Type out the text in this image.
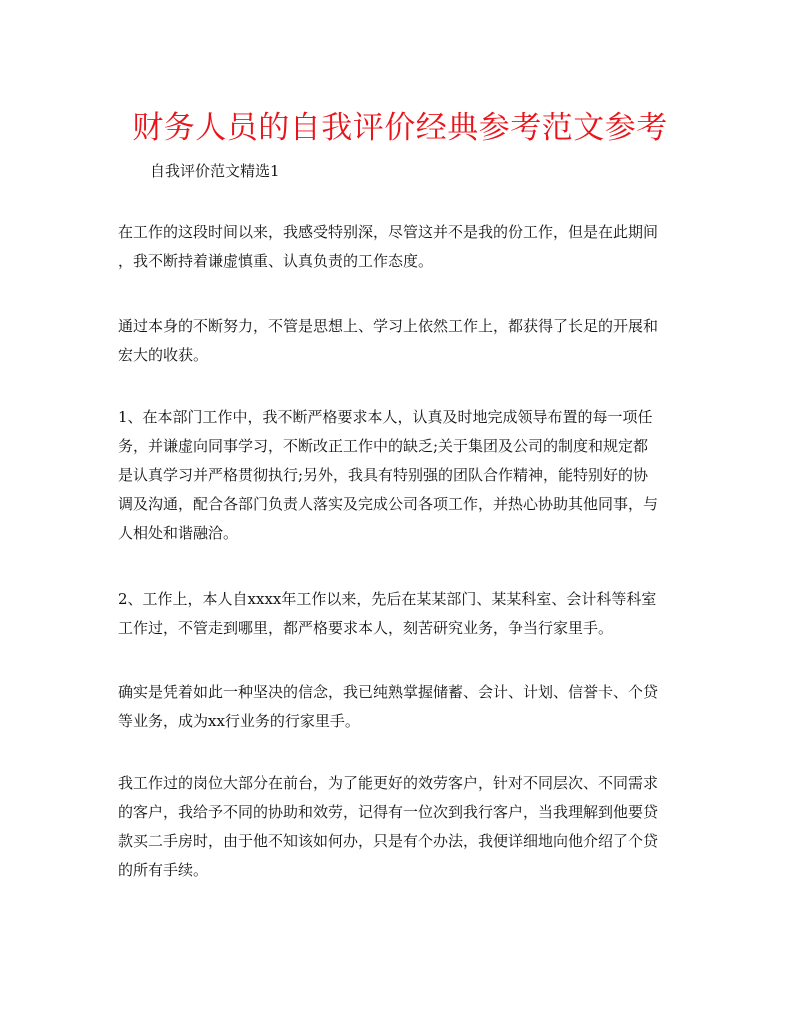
财务人员的自我评价经典参考范文参考

自我评价范文精选1

在工作的这段时间以来，我感受特别深，尽管这并不是我的份工作，但是在此期间
，我不断持着谦虚慎重、认真负责的工作态度。

通过本身的不断努力，不管是思想上、学习上依然工作上，都获得了长足的开展和
宏大的收获。

1、在本部门工作中，我不断严格要求本人，认真及时地完成领导布置的每一项任
务，并谦虚向同事学习，不断改正工作中的缺乏;关于集团及公司的制度和规定都
是认真学习并严格贯彻执行;另外，我具有特别强的团队合作精神，能特别好的协
调及沟通，配合各部门负责人落实及完成公司各项工作，并热心协助其他同事，与
人相处和谐融洽。

2、工作上，本人自xxxx年工作以来，先后在某某部门、某某科室、会计科等科室
工作过，不管走到哪里，都严格要求本人，刻苦研究业务，争当行家里手。

确实是凭着如此一种坚决的信念，我已纯熟掌握储蓄、会计、计划、信誉卡、个贷
等业务，成为xx行业务的行家里手。

我工作过的岗位大部分在前台，为了能更好的效劳客户，针对不同层次、不同需求
的客户，我给予不同的协助和效劳，记得有一位次到我行客户，当我理解到他要贷
款买二手房时，由于他不知该如何办，只是有个办法，我便详细地向他介绍了个贷
的所有手续。
